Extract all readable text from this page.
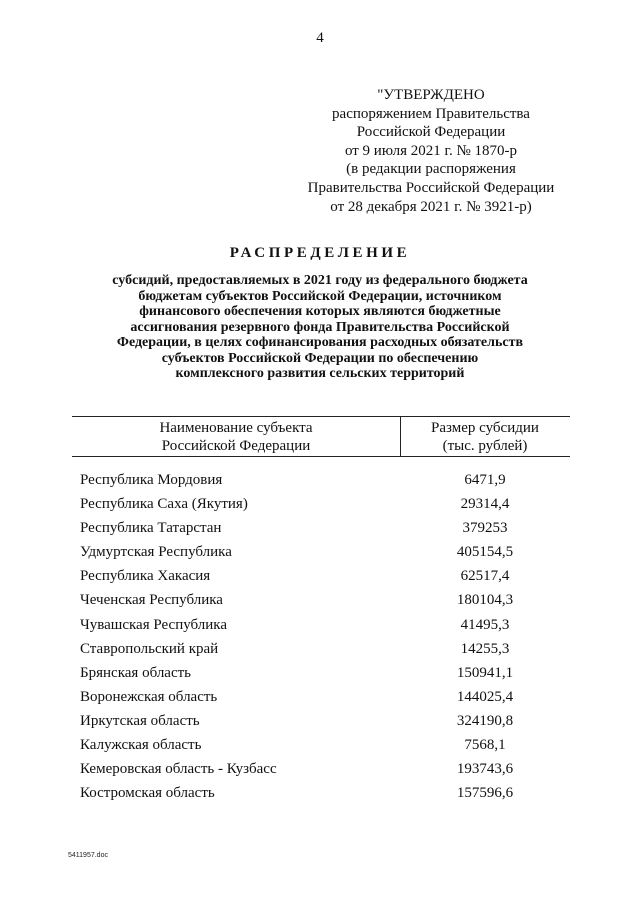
4
"УТВЕРЖДЕНО
распоряжением Правительства
Российской Федерации
от 9 июля 2021 г. № 1870-р
(в редакции распоряжения
Правительства Российской Федерации
от 28 декабря 2021 г. № 3921-р)
РАСПРЕДЕЛЕНИЕ
субсидий, предоставляемых в 2021 году из федерального бюджета
бюджетам субъектов Российской Федерации, источником
финансового обеспечения которых являются бюджетные
ассигнования резервного фонда Правительства Российской
Федерации, в целях софинансирования расходных обязательств
субъектов Российской Федерации по обеспечению
комплексного развития сельских территорий
Наименование субъекта
Российской Федерации
Размер субсидии
(тыс. рублей)
Республика Мордовия	6471,9
Республика Саха (Якутия)	29314,4
Республика Татарстан	379253
Удмуртская Республика	405154,5
Республика Хакасия	62517,4
Чеченская Республика	180104,3
Чувашская Республика	41495,3
Ставропольский край	14255,3
Брянская область	150941,1
Воронежская область	144025,4
Иркутская область	324190,8
Калужская область	7568,1
Кемеровская область - Кузбасс	193743,6
Костромская область	157596,6
5411957.doc
